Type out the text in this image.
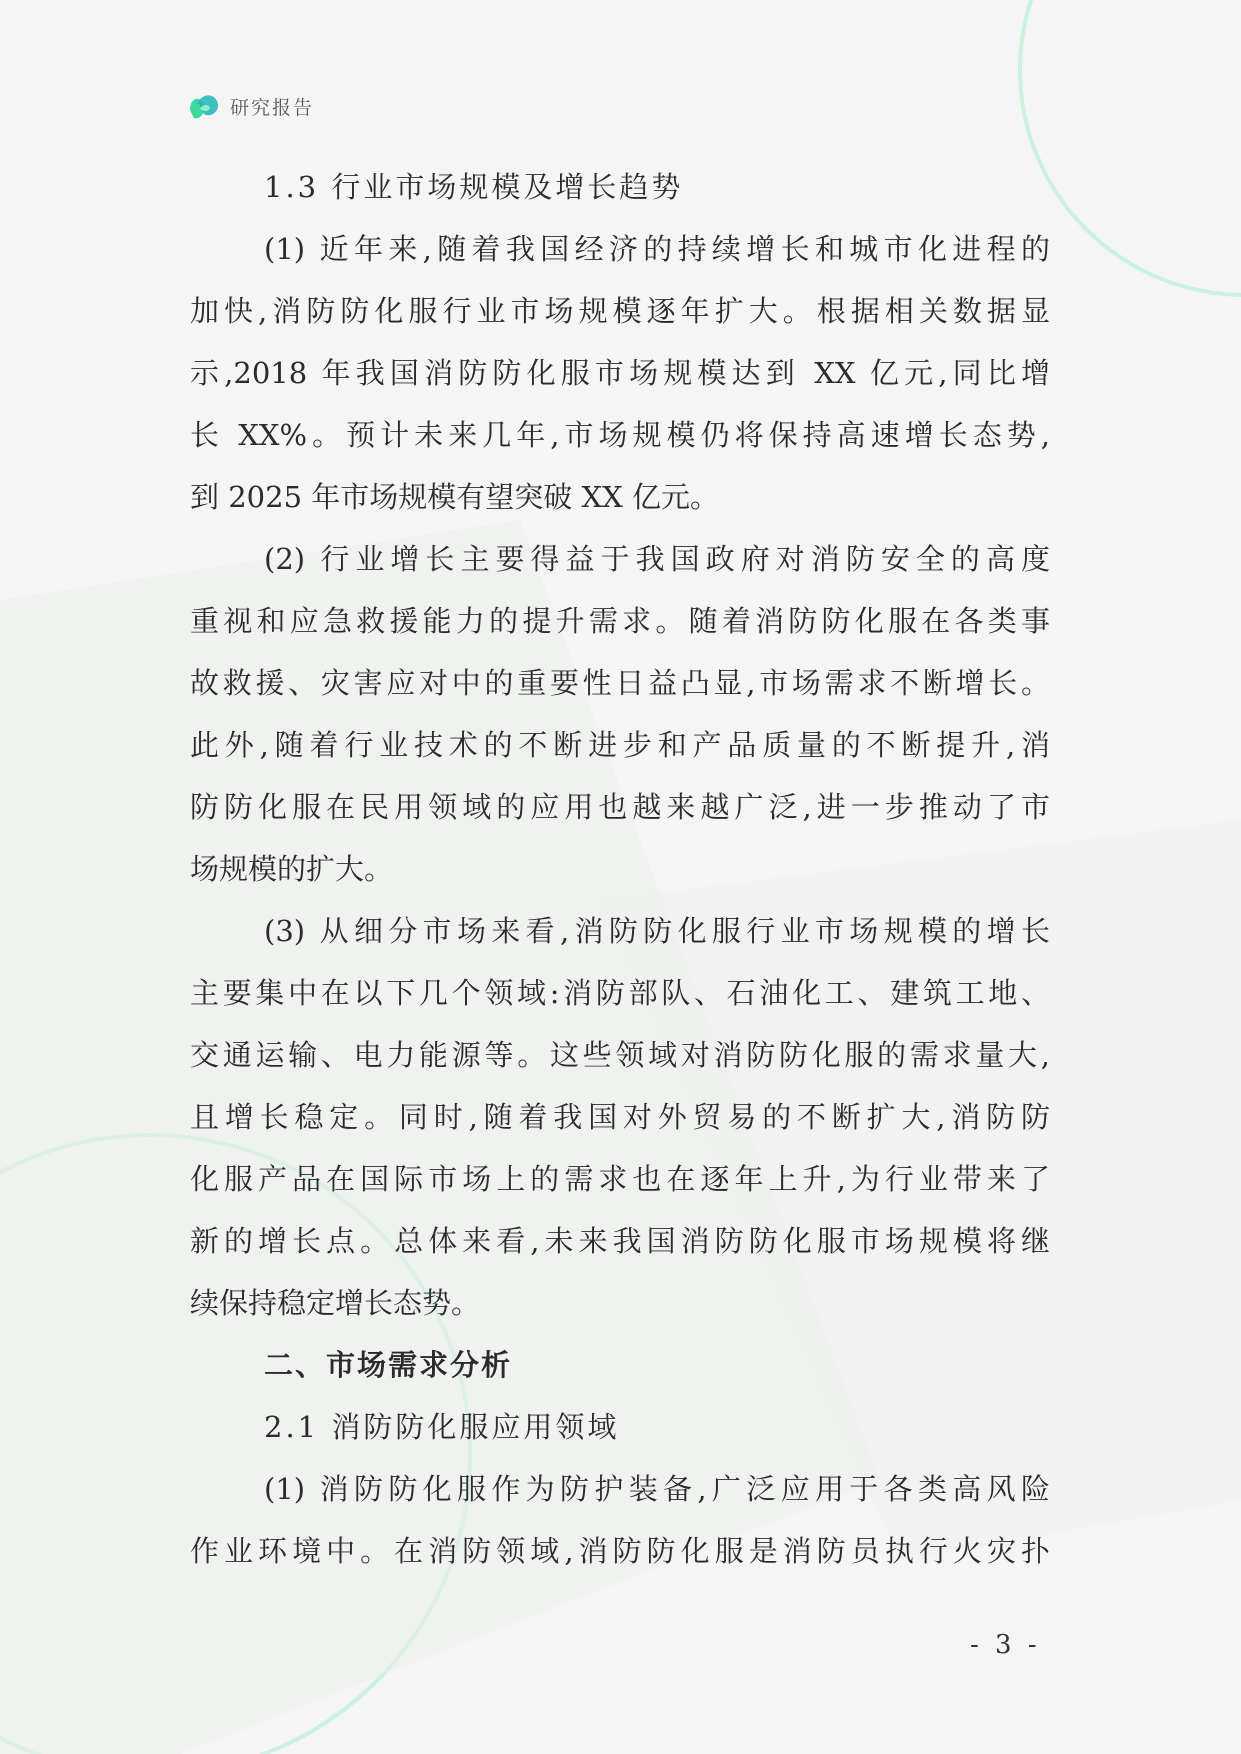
研究报告
1.3 行业市场规模及增长趋势
(1) 近年来,随着我国经济的持续增长和城市化进程的
加快,消防防化服行业市场规模逐年扩大。根据相关数据显
示,2018 年我国消防防化服市场规模达到 XX 亿元,同比增
长 XX%。预计未来几年,市场规模仍将保持高速增长态势,
到 2025 年市场规模有望突破 XX 亿元。
(2) 行业增长主要得益于我国政府对消防安全的高度
重视和应急救援能力的提升需求。随着消防防化服在各类事
故救援、灾害应对中的重要性日益凸显,市场需求不断增长。
此外,随着行业技术的不断进步和产品质量的不断提升,消
防防化服在民用领域的应用也越来越广泛,进一步推动了市
场规模的扩大。
(3) 从细分市场来看,消防防化服行业市场规模的增长
主要集中在以下几个领域:消防部队、石油化工、建筑工地、
交通运输、电力能源等。这些领域对消防防化服的需求量大,
且增长稳定。同时,随着我国对外贸易的不断扩大,消防防
化服产品在国际市场上的需求也在逐年上升,为行业带来了
新的增长点。总体来看,未来我国消防防化服市场规模将继
续保持稳定增长态势。
二、市场需求分析
2.1 消防防化服应用领域
(1) 消防防化服作为防护装备,广泛应用于各类高风险
作业环境中。在消防领域,消防防化服是消防员执行火灾扑
- 3 -
